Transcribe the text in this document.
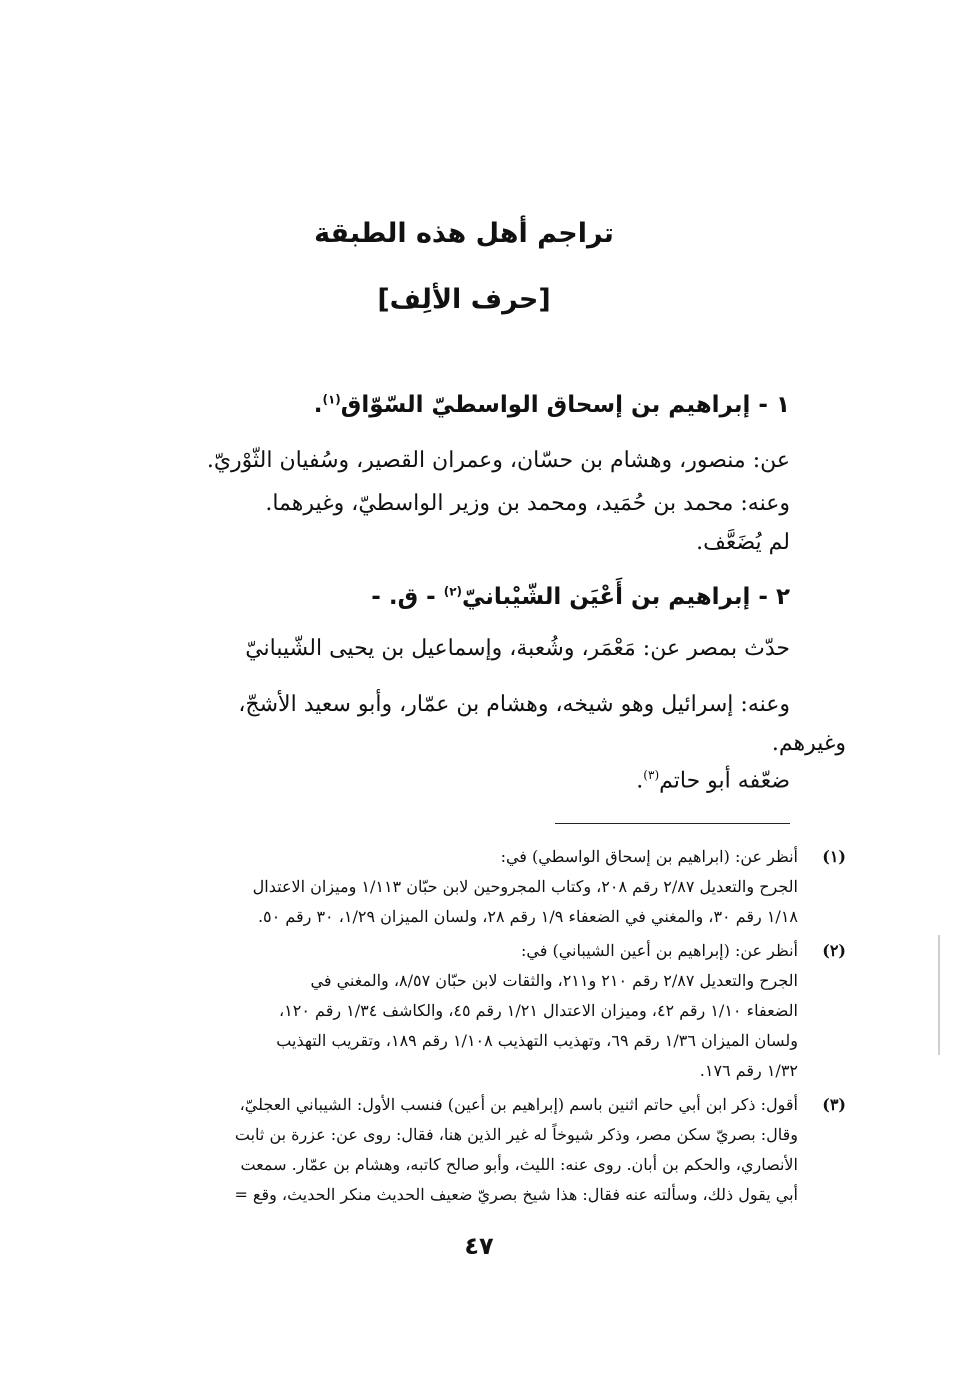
تراجم أهل هذه الطبقة
[حرف الألِف]
١ - إبراهيم بن إسحاق الواسطيّ السّوّاق$^{(١)}$.
عن: منصور، وهشام بن حسّان، وعمران القصير، وسُفيان الثّوْريّ.
وعنه: محمد بن حُمَيد، ومحمد بن وزير الواسطيّ، وغيرهما.
لم يُضَعَّف.
٢ - إبراهيم بن أَعْيَن الشّيْبانيّ$^{(٢)}$ - ق. -
حدّث بمصر عن: مَعْمَر، وشُعبة، وإسماعيل بن يحيى الشّيبانيّ
وعنه: إسرائيل وهو شيخه، وهشام بن عمّار، وأبو سعيد الأشجّ،
وغيرهم.
ضعّفه أبو حاتم$^{(٣)}$.
(١)
أنظر عن: (ابراهيم بن إسحاق الواسطي) في:
الجرح والتعديل ٢/٨٧ رقم ٢٠٨، وكتاب المجروحين لابن حبّان ١/١١٣ وميزان الاعتدال
١/١٨ رقم ٣٠، والمغني في الضعفاء ١/٩ رقم ٢٨، ولسان الميزان ١/٢٩، ٣٠ رقم ٥٠.
(٢)
أنظر عن: (إبراهيم بن أعين الشيباني) في:
الجرح والتعديل ٢/٨٧ رقم ٢١٠ و٢١١، والثقات لابن حبّان ٨/٥٧، والمغني في
الضعفاء ١/١٠ رقم ٤٢، وميزان الاعتدال ١/٢١ رقم ٤٥، والكاشف ١/٣٤ رقم ١٢٠،
ولسان الميزان ١/٣٦ رقم ٦٩، وتهذيب التهذيب ١/١٠٨ رقم ١٨٩، وتقريب التهذيب
١/٣٢ رقم ١٧٦.
(٣)
أقول: ذكر ابن أبي حاتم اثنين باسم (إبراهيم بن أعين) فنسب الأول: الشيباني العجليّ،
وقال: بصريّ سكن مصر، وذكر شيوخاً له غير الذين هنا، فقال: روى عن: عزرة بن ثابت
الأنصاري، والحكم بن أبان. روى عنه: الليث، وأبو صالح كاتبه، وهشام بن عمّار. سمعت
أبي يقول ذلك، وسألته عنه فقال: هذا شيخ بصريّ ضعيف الحديث منكر الحديث، وقع =
٤٧
